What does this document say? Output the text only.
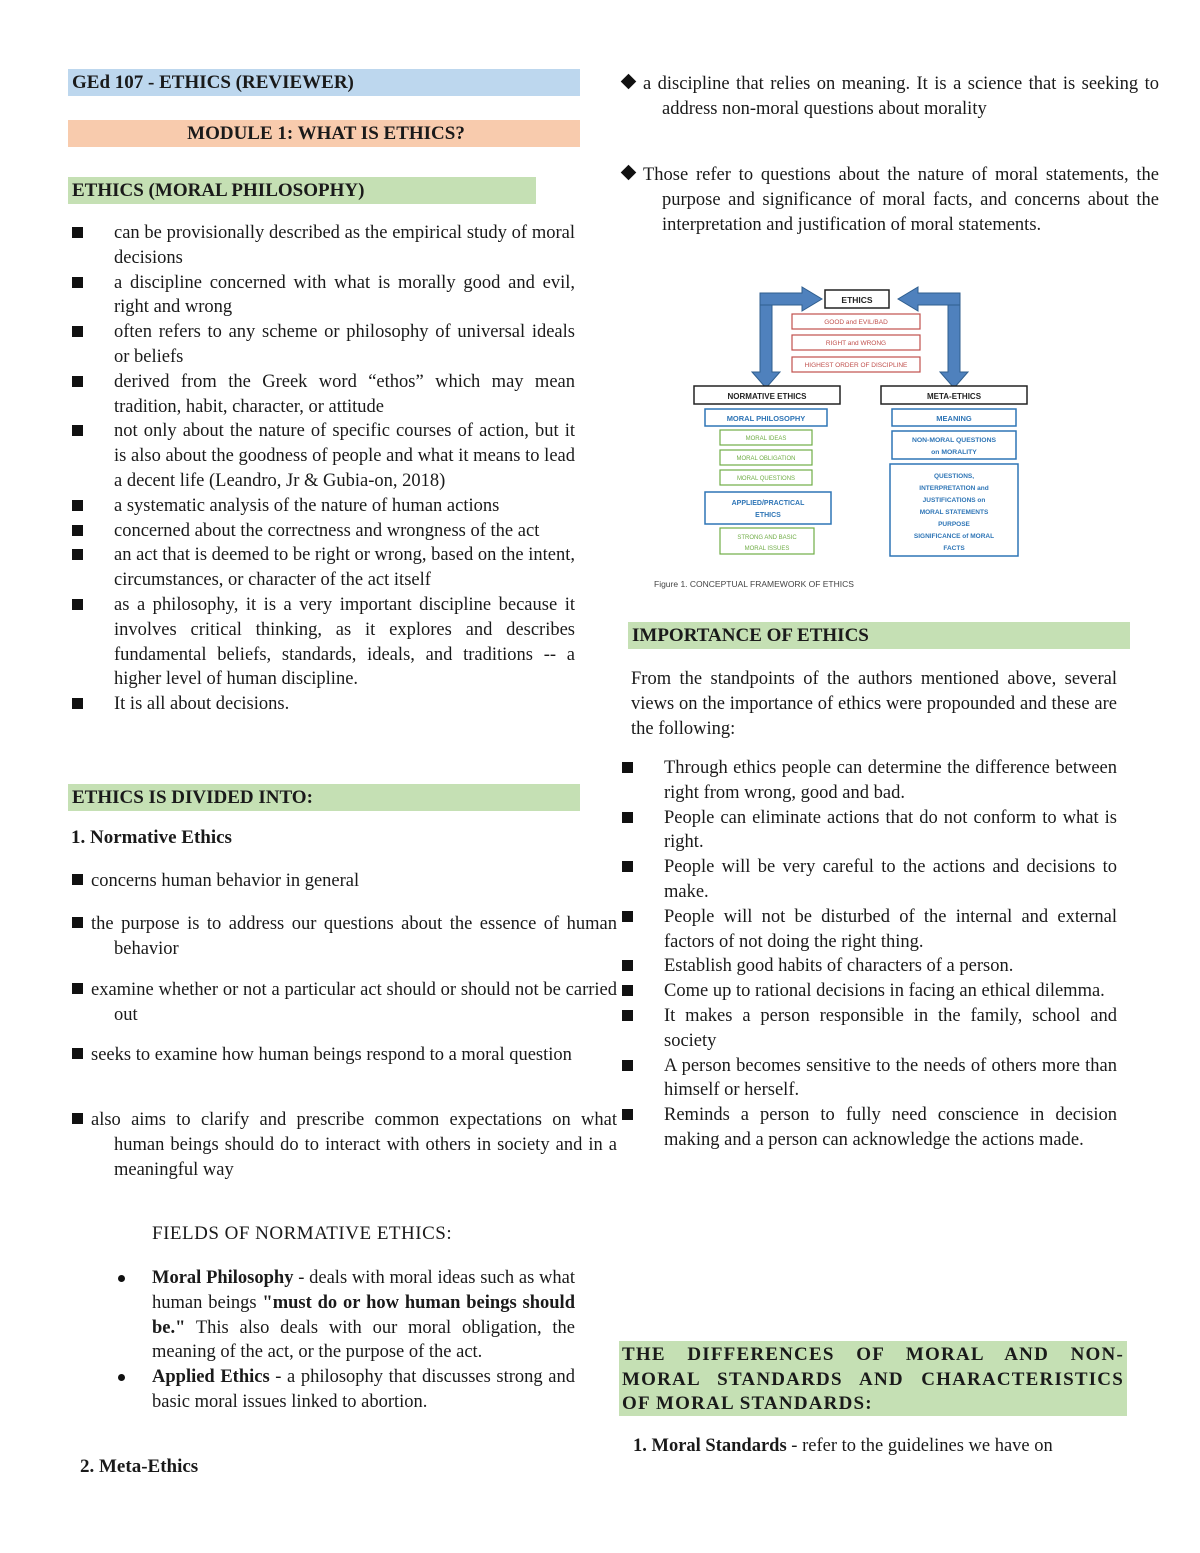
GEd 107 - ETHICS (REVIEWER)
MODULE 1: WHAT IS ETHICS?
ETHICS (MORAL PHILOSOPHY)
can be provisionally described as the empirical study of moral decisions
a discipline concerned with what is morally good and evil, right and wrong
often refers to any scheme or philosophy of universal ideals or beliefs
derived from the Greek word “ethos” which may mean tradition, habit, character, or attitude
not only about the nature of specific courses of action, but it is also about the goodness of people and what it means to lead a decent life (Leandro, Jr & Gubia-on, 2018)
a systematic analysis of the nature of human actions
concerned about the correctness and wrongness of the act
an act that is deemed to be right or wrong, based on the intent, circumstances, or character of the act itself
as a philosophy, it is a very important discipline because it involves critical thinking, as it explores and describes fundamental beliefs, standards, ideals, and traditions -- a higher level of human discipline.
It is all about decisions.
ETHICS IS DIVIDED INTO:
1. Normative Ethics
concerns human behavior in general
the purpose is to address our questions about the essence of human behavior
examine whether or not a particular act should or should not be carried out
seeks to examine how human beings respond to a moral question
also aims to clarify and prescribe common expectations on what human beings should do to interact with others in society and in a meaningful way
FIELDS OF NORMATIVE ETHICS:
Moral Philosophy - deals with moral ideas such as what human beings "must do or how human beings should be." This also deals with our moral obligation, the meaning of the act, or the purpose of the act.
Applied Ethics - a philosophy that discusses strong and basic moral issues linked to abortion.
2. Meta-Ethics
a discipline that relies on meaning. It is a science that is seeking to address non-moral questions about morality
Those refer to questions about the nature of moral statements, the purpose and significance of moral facts, and concerns about the interpretation and justification of moral statements.
ETHICS
GOOD and EVIL/BAD
RIGHT and WRONG
HIGHEST ORDER OF DISCIPLINE
NORMATIVE ETHICS	META-ETHICS
MORAL PHILOSOPHY
MORAL IDEAS
MORAL OBLIGATION
MORAL QUESTIONS
APPLIED/PRACTICAL
ETHICS
STRONG AND BASIC
MORAL ISSUES
MEANING
NON-MORAL QUESTIONS
on MORALITY
QUESTIONS,
INTERPRETATION and
JUSTIFICATIONS on
MORAL STATEMENTS
PURPOSE
SIGNIFICANCE of MORAL
FACTS
Figure 1. CONCEPTUAL FRAMEWORK OF ETHICS
IMPORTANCE OF ETHICS
From the standpoints of the authors mentioned above, several views on the importance of ethics were propounded and these are the following:
Through ethics people can determine the difference between right from wrong, good and bad.
People can eliminate actions that do not conform to what is right.
People will be very careful to the actions and decisions to make.
People will not be disturbed of the internal and external factors of not doing the right thing.
Establish good habits of characters of a person.
Come up to rational decisions in facing an ethical dilemma.
It makes a person responsible in the family, school and society
A person becomes sensitive to the needs of others more than himself or herself.
Reminds a person to fully need conscience in decision making and a person can acknowledge the actions made.
THE DIFFERENCES OF MORAL AND NON-MORAL STANDARDS AND CHARACTERISTICS OF MORAL STANDARDS:
1. Moral Standards - refer to the guidelines we have on
